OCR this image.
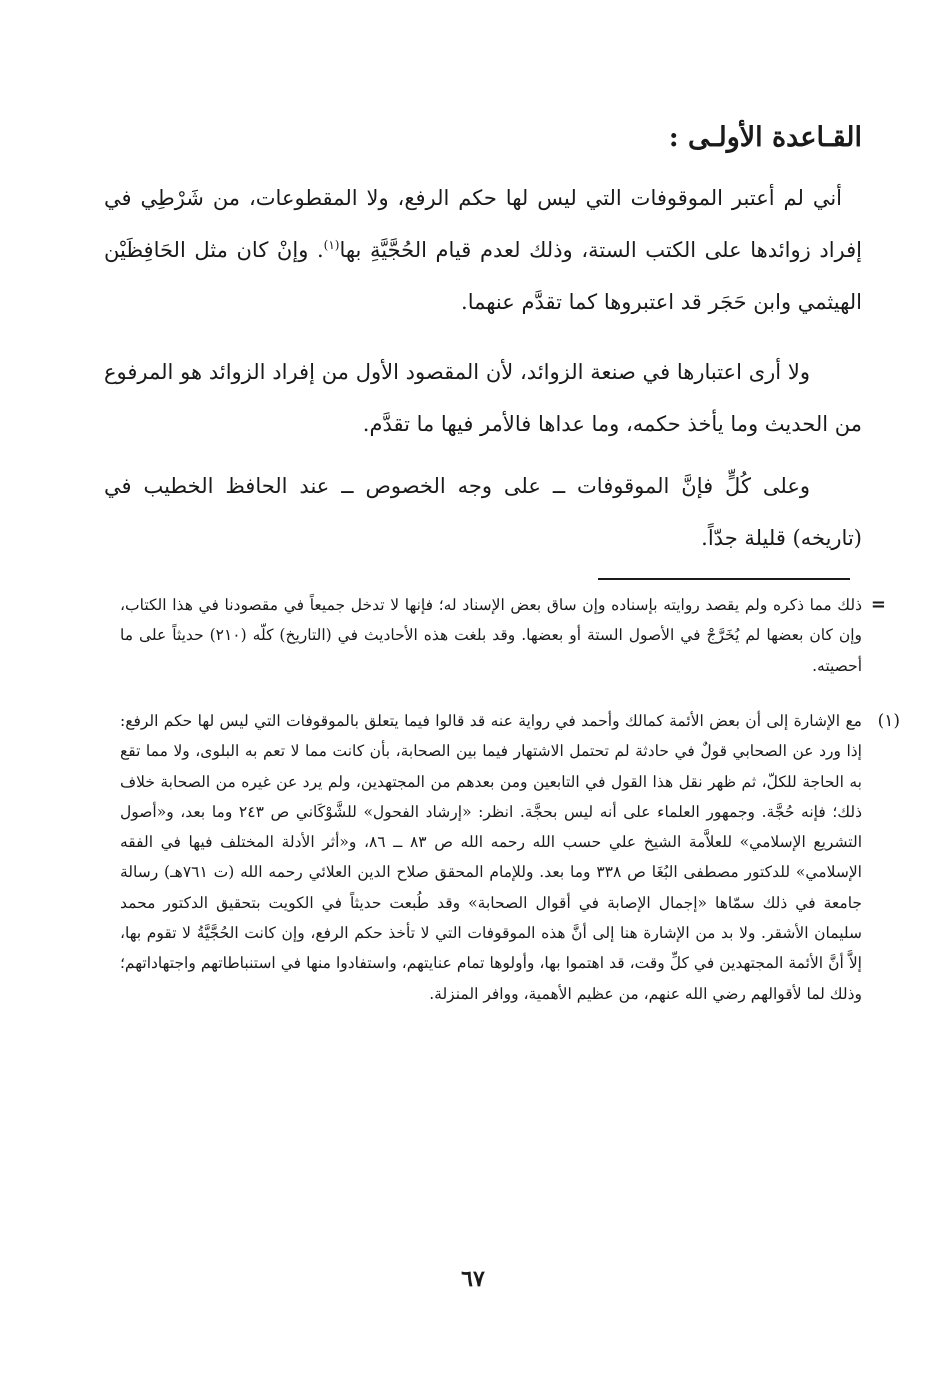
القـاعدة الأولـى :
أني لم أعتبر الموقوفات التي ليس لها حكم الرفع، ولا المقطوعات، من شَرْطِي في إفراد زوائدها على الكتب الستة، وذلك لعدم قيام الحُجَّيَّةِ بها$^{(١)}$. وإنْ كان مثل الحَافِظَيْن الهيثمي وابن حَجَر قد اعتبروها كما تقدَّم عنهما.
ولا أرى اعتبارها في صنعة الزوائد، لأن المقصود الأول من إفراد الزوائد هو المرفوع من الحديث وما يأخذ حكمه، وما عداها فالأمر فيها ما تقدَّم.
وعلى كُلٍّ فإنَّ الموقوفات ــ على وجه الخصوص ــ عند الحافظ الخطيب في (تاريخه) قليلة جدّاً.
=
ذلك مما ذكره ولم يقصد روايته بإسناده وإن ساق بعض الإسناد له؛ فإنها لا تدخل جميعاً في مقصودنا في هذا الكتاب، وإن كان بعضها لم يُخَرَّجْ في الأصول الستة أو بعضها. وقد بلغت هذه الأحاديث في (التاريخ) كلّه (٢١٠) حديثاً على ما أحصيته.
(١)
مع الإشارة إلى أن بعض الأئمة كمالك وأحمد في رواية عنه قد قالوا فيما يتعلق بالموقوفات التي ليس لها حكم الرفع: إذا ورد عن الصحابي قولٌ في حادثة لم تحتمل الاشتهار فيما بين الصحابة، بأن كانت مما لا تعم به البلوى، ولا مما تقع به الحاجة للكلّ، ثم ظهر نقل هذا القول في التابعين ومن بعدهم من المجتهدين، ولم يرد عن غيره من الصحابة خلاف ذلك؛ فإنه حُجَّة. وجمهور العلماء على أنه ليس بحجَّة. انظر: «إرشاد الفحول» للشَّوْكَاني ص ٢٤٣ وما بعد، و«أصول التشريع الإسلامي» للعلاَّمة الشيخ علي حسب الله رحمه الله ص ٨٣ ــ ٨٦، و«أثر الأدلة المختلف فيها في الفقه الإسلامي» للدكتور مصطفى البُغَا ص ٣٣٨ وما بعد. وللإمام المحقق صلاح الدين العلائي رحمه الله (ت ٧٦١هـ) رسالة جامعة في ذلك سمّاها «إجمال الإصابة في أقوال الصحابة» وقد طُبعت حديثاً في الكويت بتحقيق الدكتور محمد سليمان الأشقر. ولا بد من الإشارة هنا إلى أنَّ هذه الموقوفات التي لا تأخذ حكم الرفع، وإن كانت الحُجَّيَّةُ لا تقوم بها، إلاَّ أنَّ الأئمة المجتهدين في كلِّ وقت، قد اهتموا بها، وأولوها تمام عنايتهم، واستفادوا منها في استنباطاتهم واجتهاداتهم؛ وذلك لما لأقوالهم رضي الله عنهم، من عظيم الأهمية، ووافر المنزلة.
٦٧
